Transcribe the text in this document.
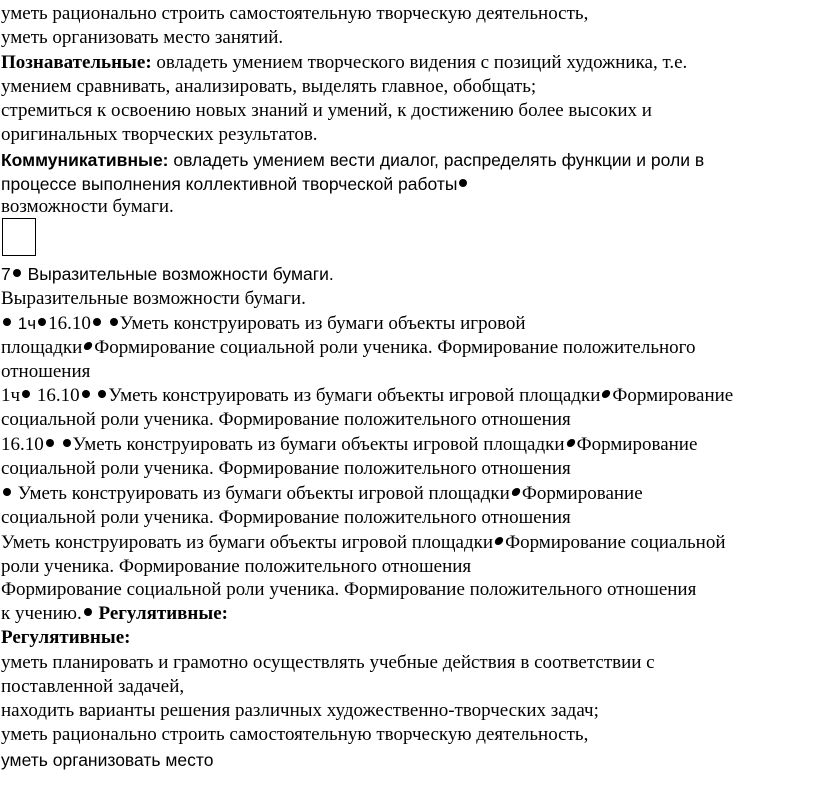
уметь рационально строить самостоятельную творческую деятельность,
уметь организовать место занятий.
Познавательные: овладеть умением творческого видения с позиций художника, т.е.
умением сравнивать, анализировать, выделять главное, обобщать;
стремиться к освоению новых знаний и умений, к достижению более высоких и
оригинальных творческих результатов.
Коммуникативные: овладеть умением вести диалог, распределять функции и роли в
процессе выполнения коллективной творческой работы
возможности бумаги.
7 Выразительные возможности бумаги.
Выразительные возможности бумаги.
1ч 16.10 Уметь конструировать из бумаги объекты игровой
площадки Формирование социальной роли ученика. Формирование положительного
отношения
1ч 16.10 Уметь конструировать из бумаги объекты игровой площадки Формирование
социальной роли ученика. Формирование положительного отношения
16.10 Уметь конструировать из бумаги объекты игровой площадки Формирование
социальной роли ученика. Формирование положительного отношения
Уметь конструировать из бумаги объекты игровой площадки Формирование
социальной роли ученика. Формирование положительного отношения
Уметь конструировать из бумаги объекты игровой площадки Формирование социальной
роли ученика. Формирование положительного отношения
Формирование социальной роли ученика. Формирование положительного отношения
к учению. Регулятивные:
Регулятивные:
уметь планировать и грамотно осуществлять учебные действия в соответствии с
поставленной задачей,
находить варианты решения различных художественно-творческих задач;
уметь рационально строить самостоятельную творческую деятельность,
уметь организовать место
